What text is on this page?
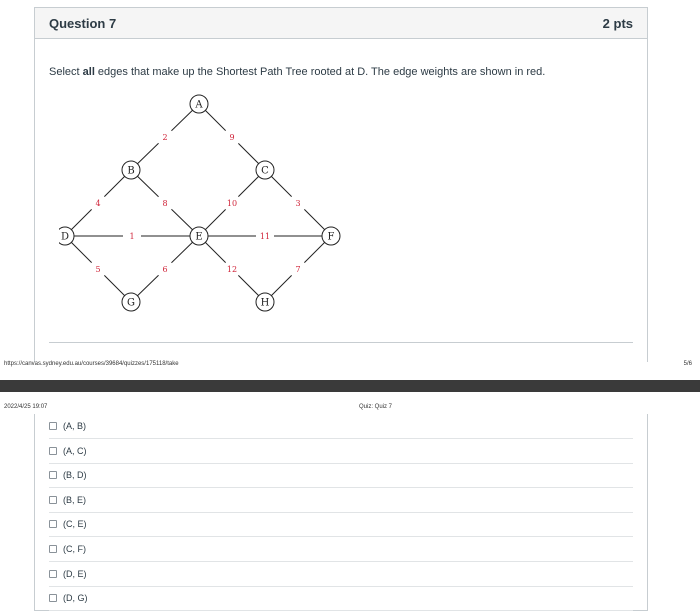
Question 7	2 pts
Select all edges that make up the Shortest Path Tree rooted at D. The edge weights are shown in red.
2	9
4	8	10	3
1	11
5	6	12	7
A
B	C
D	E	F
G	H
https://canvas.sydney.edu.au/courses/39684/quizzes/175118/take	5/6
2022/4/25 19:07	Quiz: Quiz 7
(A, B)
(A, C)
(B, D)
(B, E)
(C, E)
(C, F)
(D, E)
(D, G)
